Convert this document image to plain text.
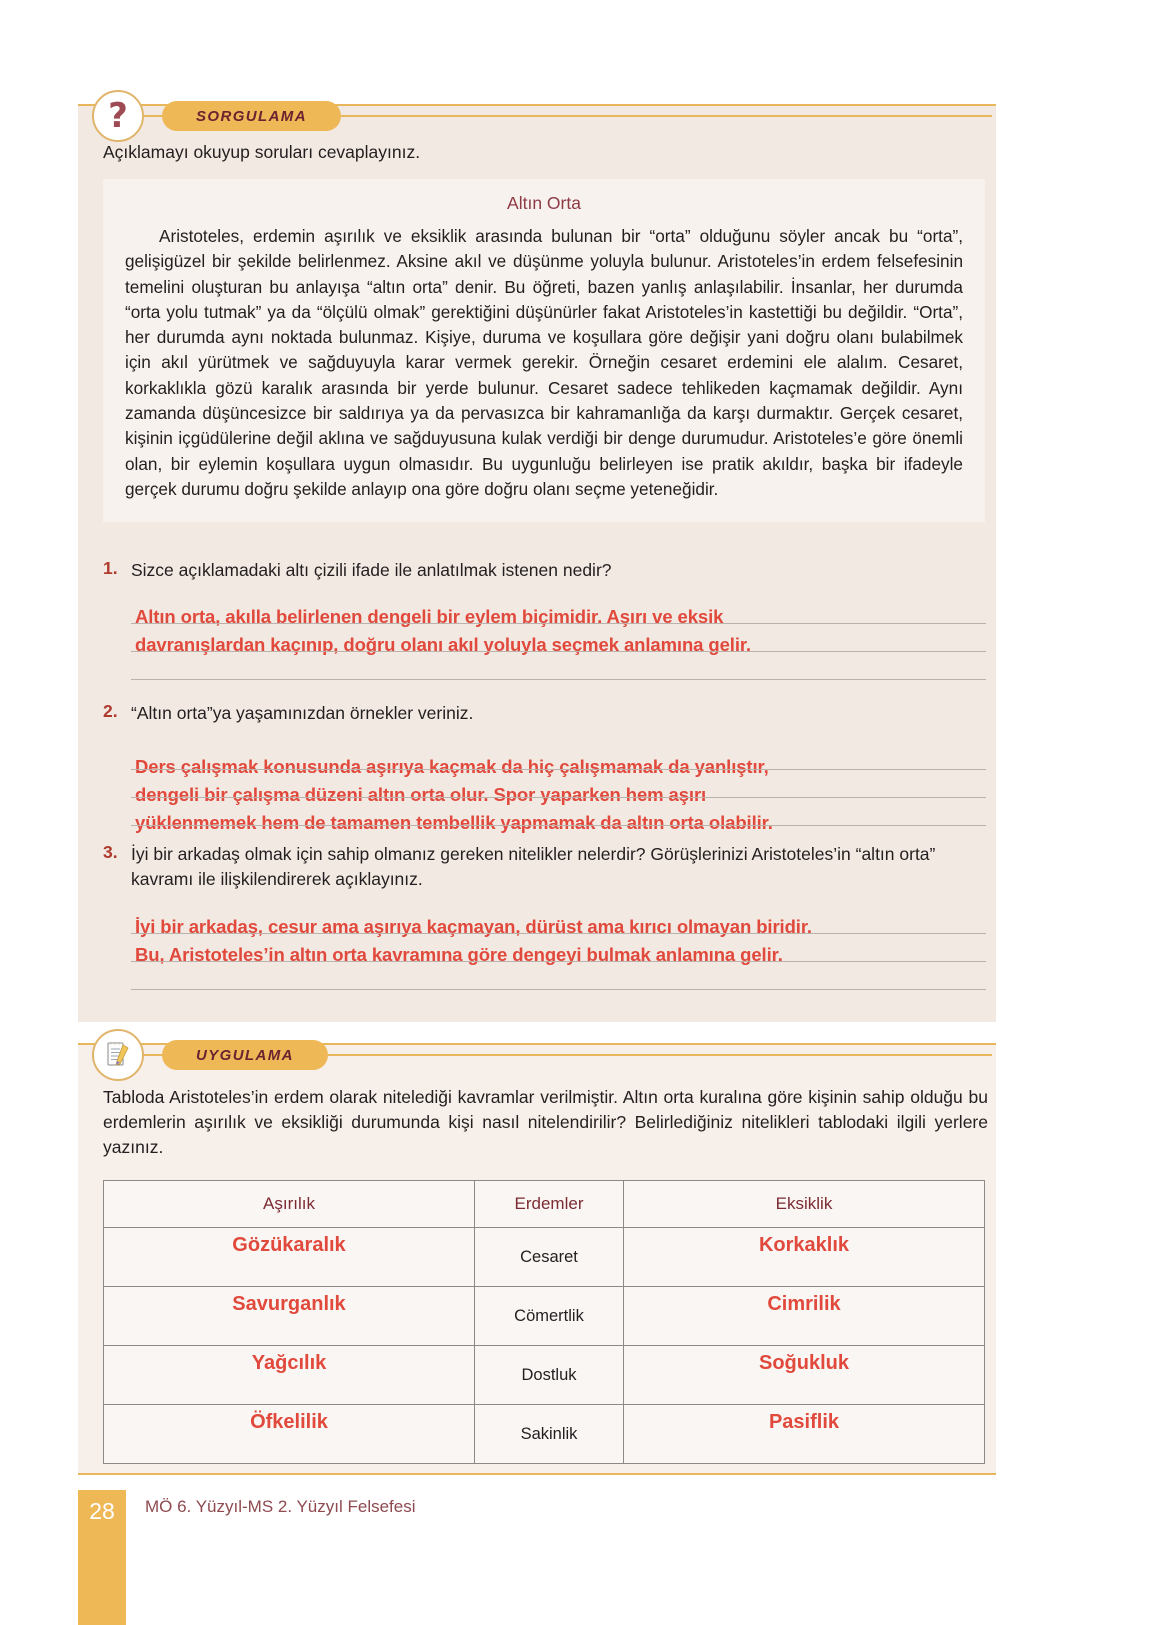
?	SORGULAMA
Açıklamayı okuyup soruları cevaplayınız.
Altın Orta
Aristoteles, erdemin aşırılık ve eksiklik arasında bulunan bir “orta” olduğunu söyler ancak bu “orta”, gelişigüzel bir şekilde belirlenmez. Aksine akıl ve düşünme yoluyla bulunur. Aristoteles’in erdem felsefesinin temelini oluşturan bu anlayışa “altın orta” denir. Bu öğreti, bazen yanlış anlaşılabilir. İnsanlar, her durumda “orta yolu tutmak” ya da “ölçülü olmak” gerektiğini düşünürler fakat Aristoteles’in kastettiği bu değildir. “Orta”, her durumda aynı noktada bulunmaz. Kişiye, duruma ve koşullara göre değişir yani doğru olanı bulabilmek için akıl yürütmek ve sağduyuyla karar vermek gerekir. Örneğin cesaret erdemini ele alalım. Cesaret, korkaklıkla gözü karalık arasında bir yerde bulunur. Cesaret sadece tehlikeden kaçmamak değildir. Aynı zamanda düşüncesizce bir saldırıya ya da pervasızca bir kahramanlığa da karşı durmaktır. Gerçek cesaret, kişinin içgüdülerine değil aklına ve sağduyusuna kulak verdiği bir denge durumudur. Aristoteles’e göre önemli olan, bir eylemin koşullara uygun olmasıdır. Bu uygunluğu belirleyen ise pratik akıldır, başka bir ifadeyle gerçek durumu doğru şekilde anlayıp ona göre doğru olanı seçme yeteneğidir.
1. Sizce açıklamadaki altı çizili ifade ile anlatılmak istenen nedir?
Altın orta, akılla belirlenen dengeli bir eylem biçimidir. Aşırı ve eksik
davranışlardan kaçınıp, doğru olanı akıl yoluyla seçmek anlamına gelir.
2. “Altın orta”ya yaşamınızdan örnekler veriniz.
Ders çalışmak konusunda aşırıya kaçmak da hiç çalışmamak da yanlıştır,
dengeli bir çalışma düzeni altın orta olur. Spor yaparken hem aşırı
yüklenmemek hem de tamamen tembellik yapmamak da altın orta olabilir.
3. İyi bir arkadaş olmak için sahip olmanız gereken nitelikler nelerdir? Görüşlerinizi Aristoteles’in “altın orta” kavramı ile ilişkilendirerek açıklayınız.
İyi bir arkadaş, cesur ama aşırıya kaçmayan, dürüst ama kırıcı olmayan biridir.
Bu, Aristoteles’in altın orta kavramına göre dengeyi bulmak anlamına gelir.
UYGULAMA
Tabloda Aristoteles’in erdem olarak nitelediği kavramlar verilmiştir. Altın orta kuralına göre kişinin sahip olduğu bu erdemlerin aşırılık ve eksikliği durumunda kişi nasıl nitelendirilir? Belirlediğiniz nitelikleri tablodaki ilgili yerlere yazınız.
Aşırılık	Erdemler	Eksiklik
Gözükaralık	Cesaret	Korkaklık
Savurganlık	Cömertlik	Cimrilik
Yağcılık	Dostluk	Soğukluk
Öfkelilik	Sakinlik	Pasiflik
28 MÖ 6. Yüzyıl-MS 2. Yüzyıl Felsefesi
